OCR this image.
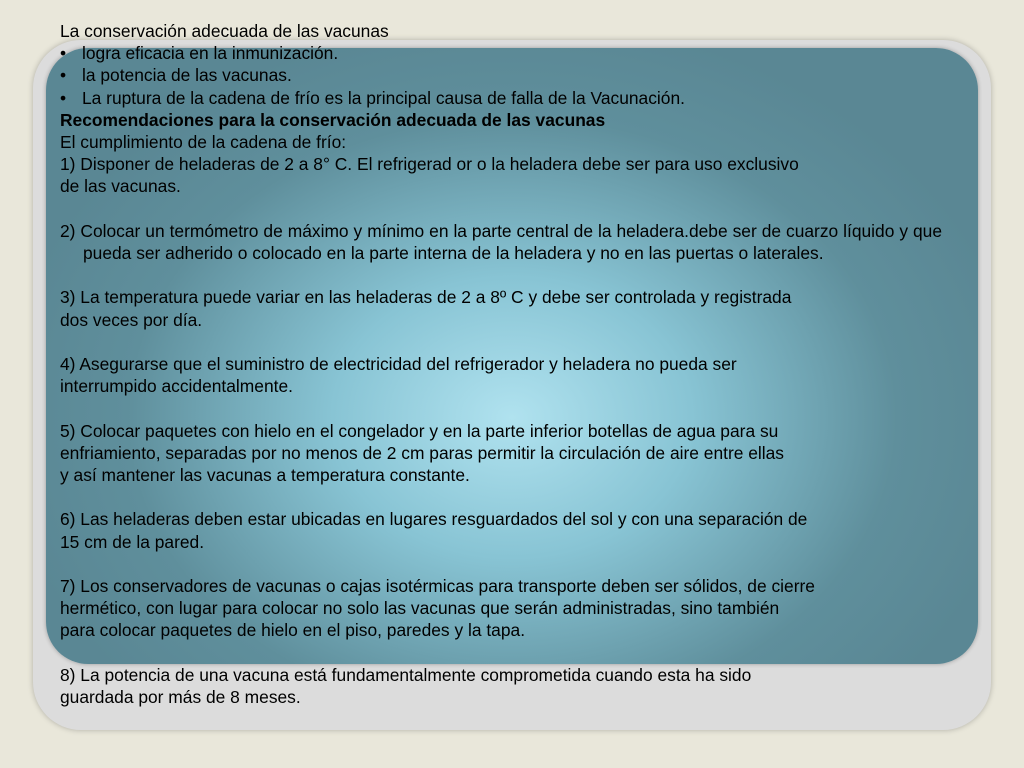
La conservación adecuada de las vacunas

• logra eficacia en la inmunización.

• la potencia de las vacunas.

• La ruptura de la cadena de frío es la principal causa de falla de la Vacunación.

Recomendaciones para la conservación adecuada de las vacunas

El cumplimiento de la cadena de frío:

1) Disponer de heladeras de 2 a 8° C. El refrigerad or o la heladera debe ser para uso exclusivo

de las vacunas.

2) Colocar un termómetro de máximo y mínimo en la parte central de la heladera.debe ser de cuarzo líquido y que pueda ser adherido o colocado en la parte interna de la heladera y no en las puertas o laterales.

3) La temperatura puede variar en las heladeras de 2 a 8º C y debe ser controlada y registrada

dos veces por día.

4) Asegurarse que el suministro de electricidad del refrigerador y heladera no pueda ser

interrumpido accidentalmente.

5) Colocar paquetes con hielo en el congelador y en la parte inferior botellas de agua para su

enfriamiento, separadas por no menos de 2 cm paras permitir la circulación de aire entre ellas

y así mantener las vacunas a temperatura constante.

6) Las heladeras deben estar ubicadas en lugares resguardados del sol y con una separación de

15 cm de la pared.

7) Los conservadores de vacunas o cajas isotérmicas para transporte deben ser sólidos, de cierre

hermético, con lugar para colocar no solo las vacunas que serán administradas, sino también

para colocar paquetes de hielo en el piso, paredes y la tapa.

8) La potencia de una vacuna está fundamentalmente comprometida cuando esta ha sido

guardada por más de 8 meses.
